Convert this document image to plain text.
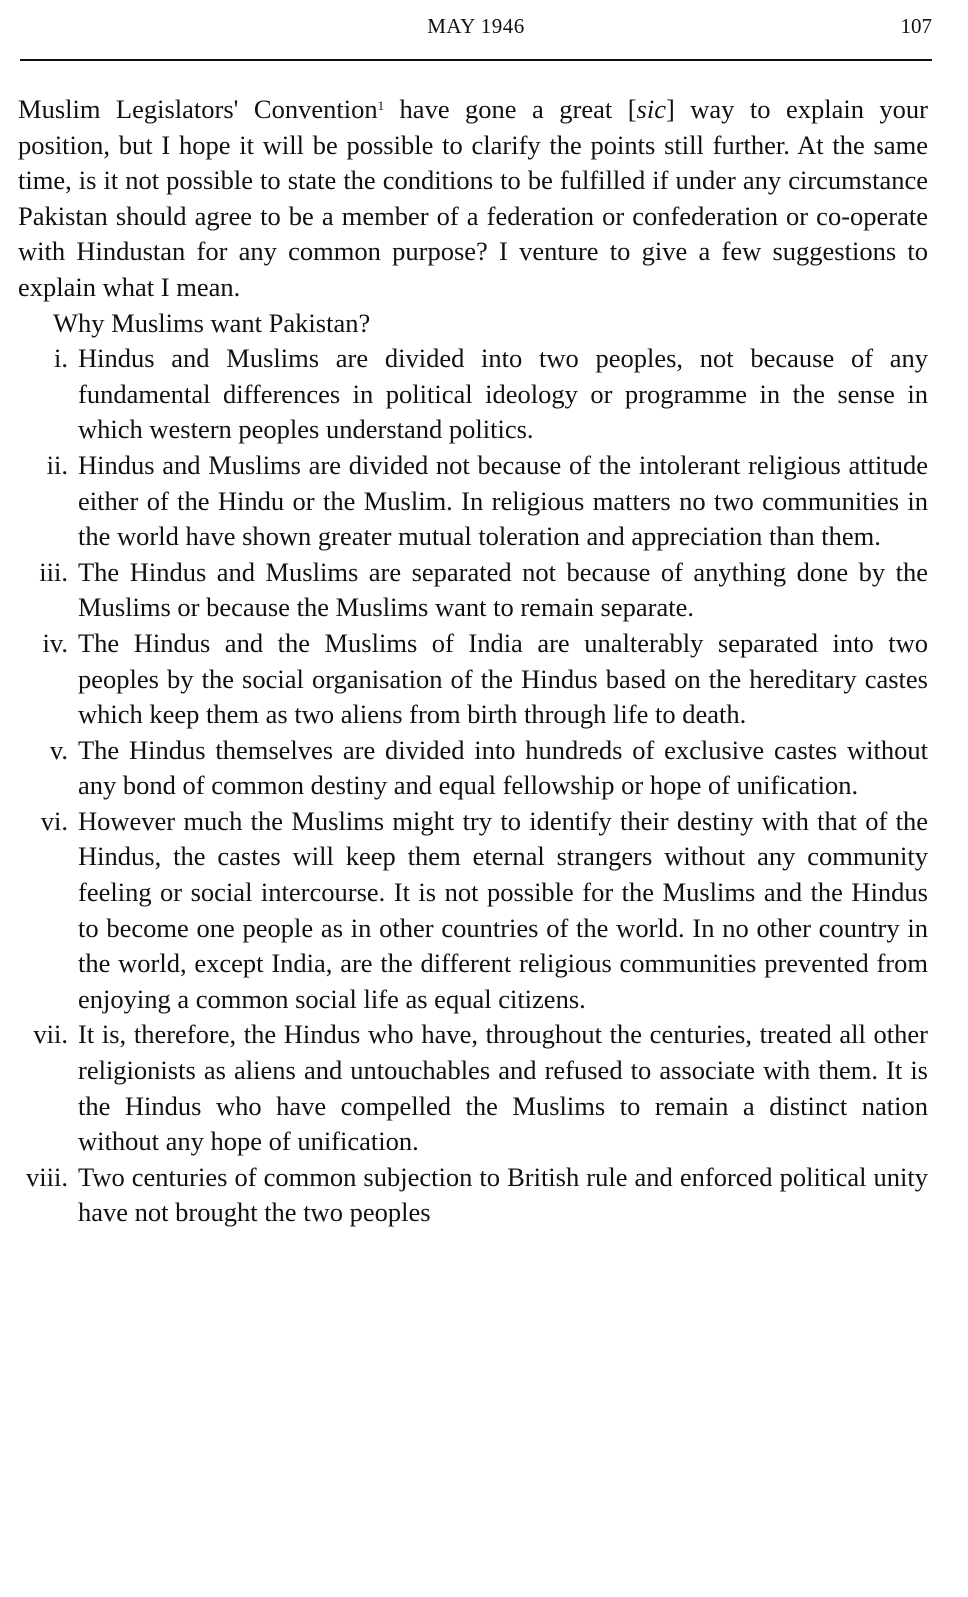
MAY 1946	107

Muslim Legislators' Convention$^1$ have gone a great [sic] way to explain your position, but I hope it will be possible to clarify the points still further. At the same time, is it not possible to state the conditions to be fulfilled if under any circumstance Pakistan should agree to be a member of a federation or confederation or co-operate with Hindustan for any common purpose? I venture to give a few suggestions to explain what I mean.

Why Muslims want Pakistan?

i. Hindus and Muslims are divided into two peoples, not because of any fundamental differences in political ideology or programme in the sense in which western peoples understand politics.
ii. Hindus and Muslims are divided not because of the intolerant religious attitude either of the Hindu or the Muslim. In religious matters no two communities in the world have shown greater mutual toleration and appreciation than them.
iii. The Hindus and Muslims are separated not because of anything done by the Muslims or because the Muslims want to remain separate.
iv. The Hindus and the Muslims of India are unalterably separated into two peoples by the social organisation of the Hindus based on the hereditary castes which keep them as two aliens from birth through life to death.
v. The Hindus themselves are divided into hundreds of exclusive castes without any bond of common destiny and equal fellowship or hope of unification.
vi. However much the Muslims might try to identify their destiny with that of the Hindus, the castes will keep them eternal strangers without any community feeling or social intercourse. It is not possible for the Muslims and the Hindus to become one people as in other countries of the world. In no other country in the world, except India, are the different religious communities prevented from enjoying a common social life as equal citizens.
vii. It is, therefore, the Hindus who have, throughout the centuries, treated all other religionists as aliens and untouchables and refused to associate with them. It is the Hindus who have compelled the Muslims to remain a distinct nation without any hope of unification.
viii. Two centuries of common subjection to British rule and enforced political unity have not brought the two peoples
